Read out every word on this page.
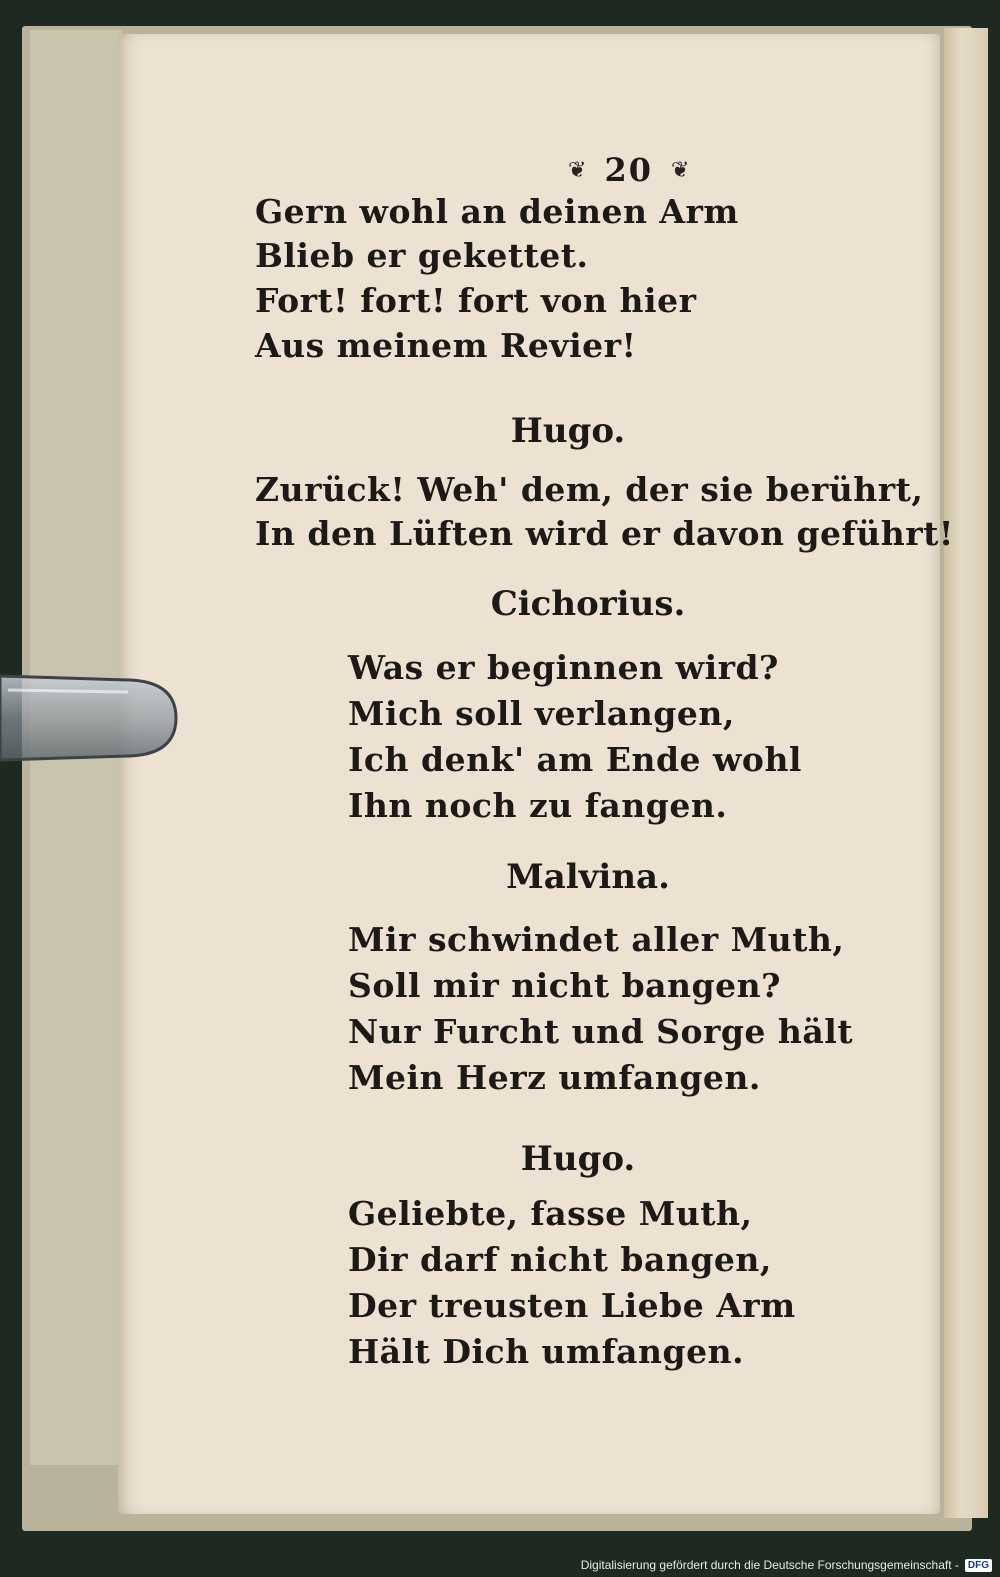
❦ 20 ❦
Gern wohl an deinen Arm
Blieb er gekettet.
Fort! fort! fort von hier
Aus meinem Revier!
Hugo.
Zurück! Weh' dem, der sie berührt,
In den Lüften wird er davon geführt!
Cichorius.
Was er beginnen wird?
Mich soll verlangen,
Ich denk' am Ende wohl
Ihn noch zu fangen.
Malvina.
Mir schwindet aller Muth,
Soll mir nicht bangen?
Nur Furcht und Sorge hält
Mein Herz umfangen.
Hugo.
Geliebte, fasse Muth,
Dir darf nicht bangen,
Der treusten Liebe Arm
Hält Dich umfangen.
Digitalisierung gefördert durch die Deutsche Forschungsgemeinschaft - DFG
